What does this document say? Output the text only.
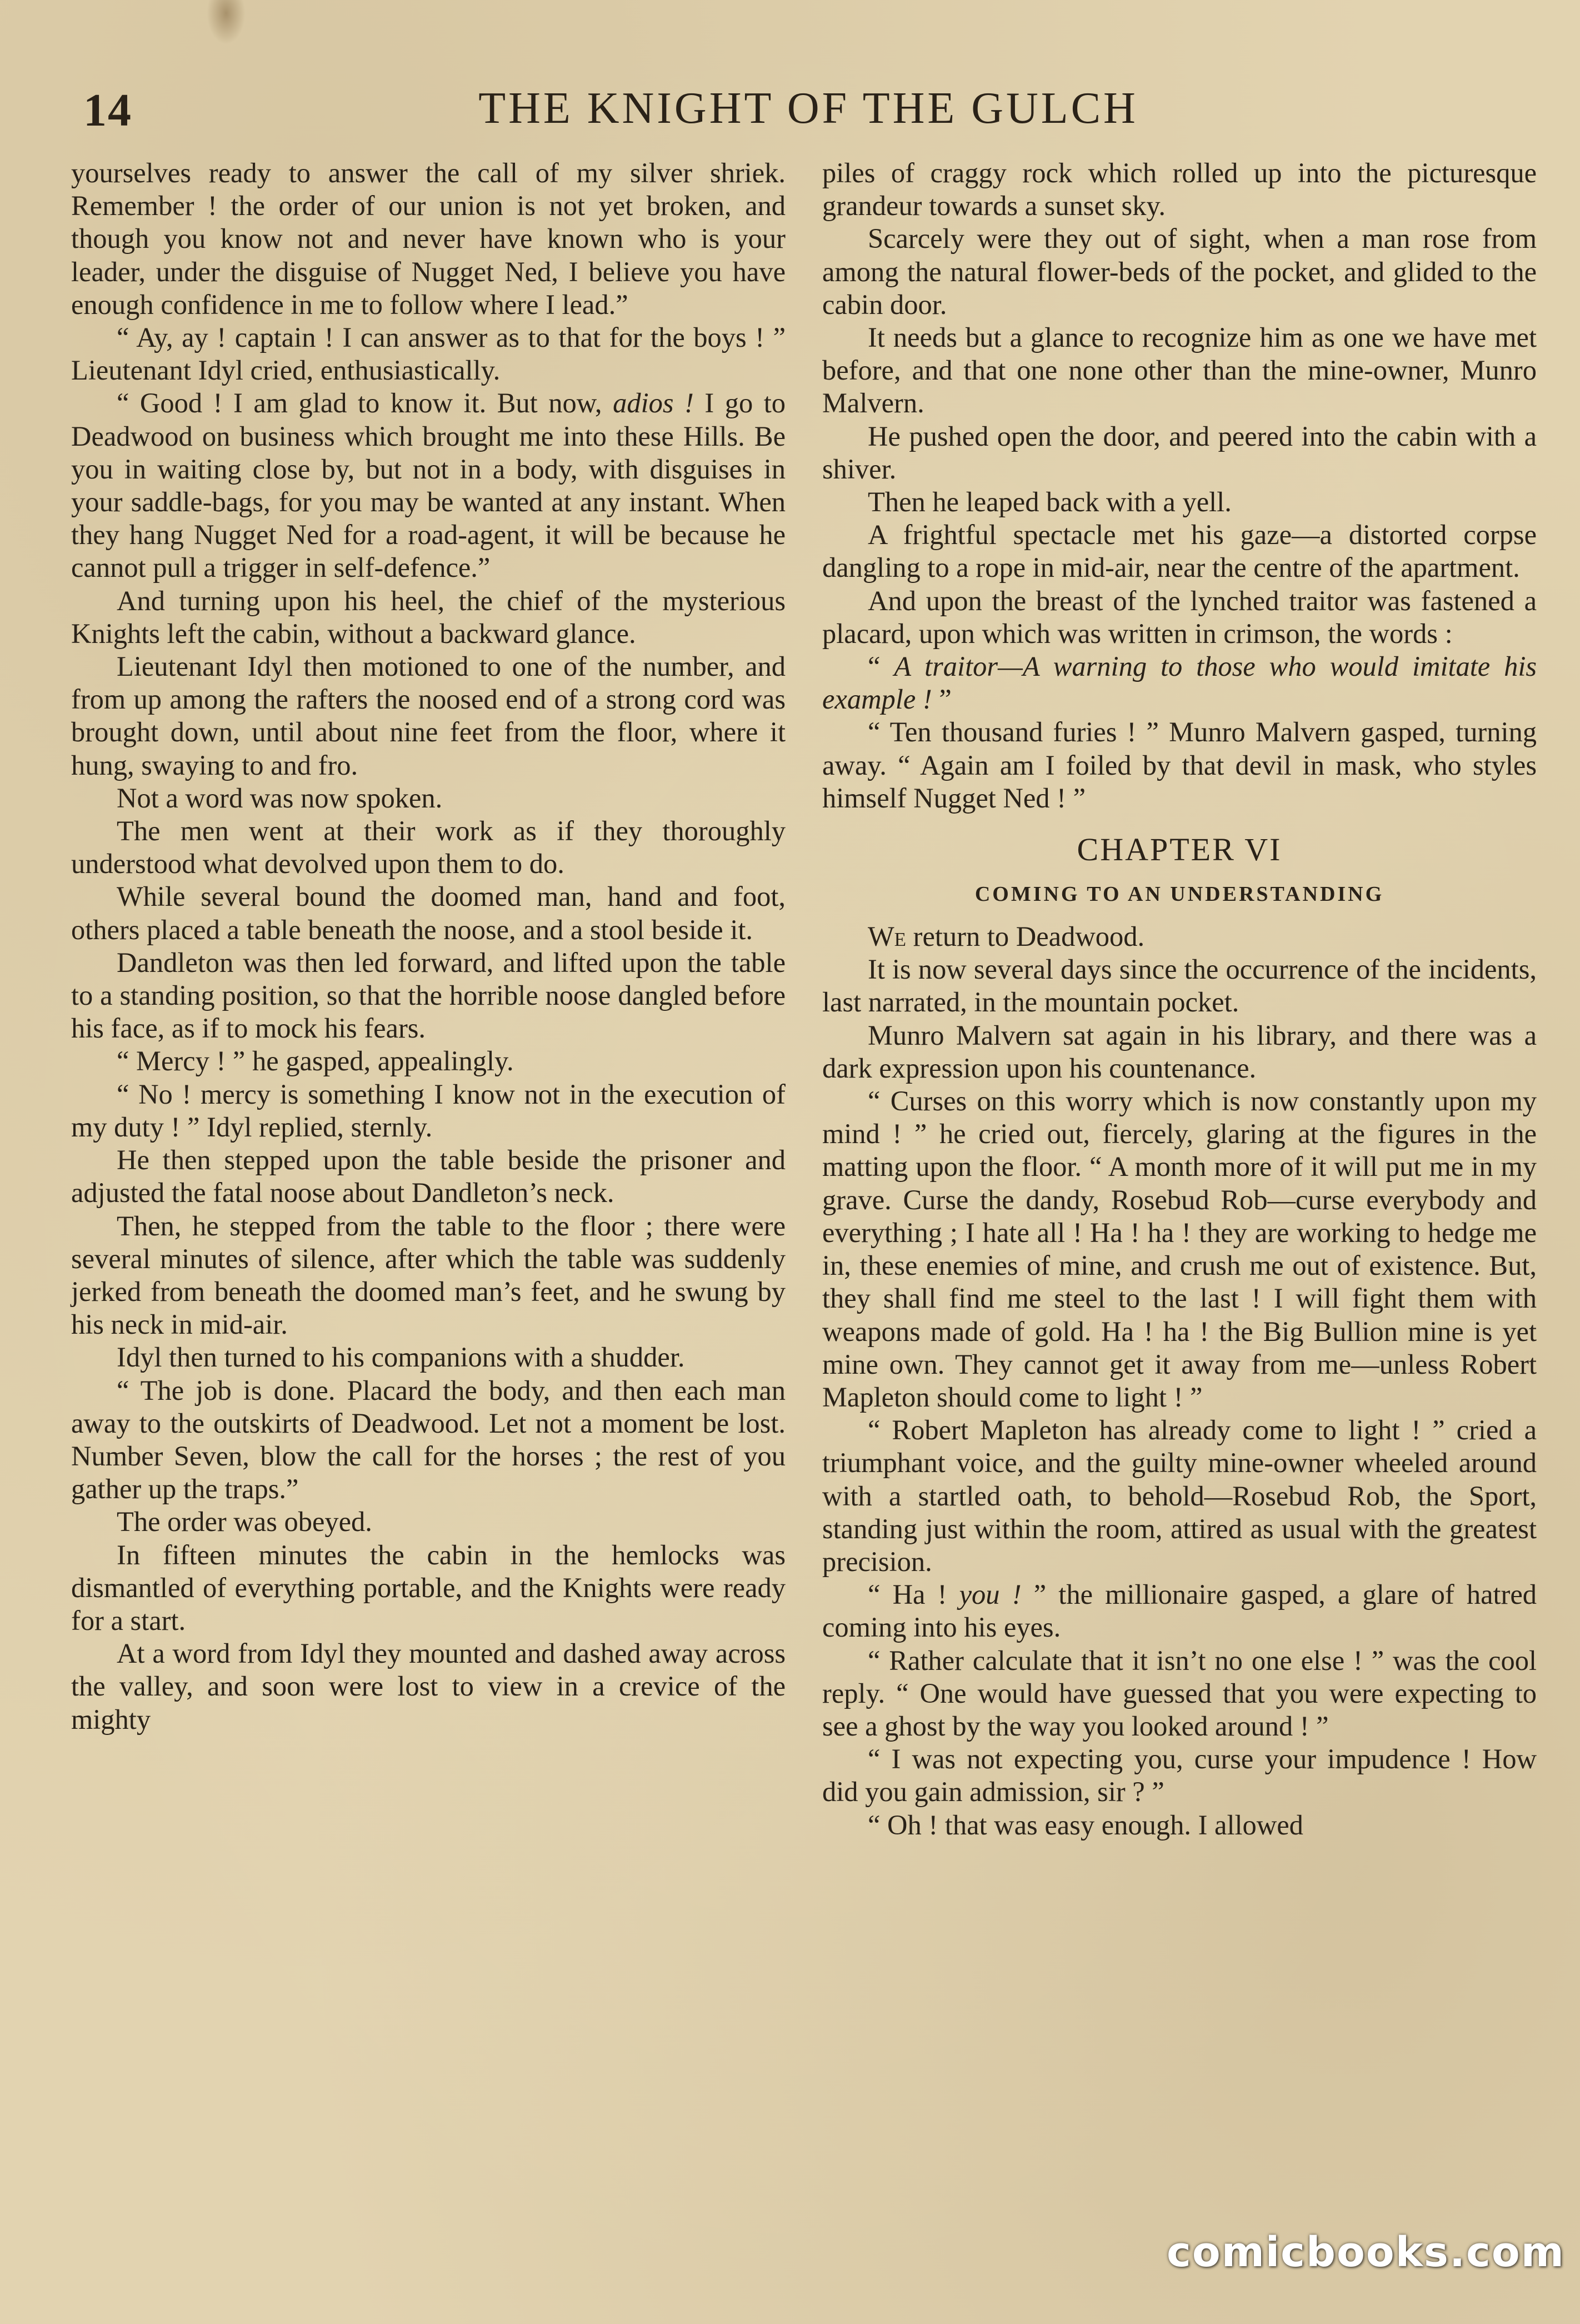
14	THE KNIGHT OF THE GULCH

yourselves ready to answer the call of my silver shriek. Remember ! the order of our union is not yet broken, and though you know not and never have known who is your leader, under the disguise of Nugget Ned, I believe you have enough confidence in me to follow where I lead.”

“ Ay, ay ! captain ! I can answer as to that for the boys ! ” Lieutenant Idyl cried, enthusiastically.

“ Good ! I am glad to know it. But now, adios ! I go to Deadwood on business which brought me into these Hills. Be you in waiting close by, but not in a body, with disguises in your saddle-bags, for you may be wanted at any instant. When they hang Nugget Ned for a road-agent, it will be because he cannot pull a trigger in self-defence.”

And turning upon his heel, the chief of the mysterious Knights left the cabin, without a backward glance.

Lieutenant Idyl then motioned to one of the number, and from up among the rafters the noosed end of a strong cord was brought down, until about nine feet from the floor, where it hung, swaying to and fro.

Not a word was now spoken.

The men went at their work as if they thoroughly understood what devolved upon them to do.

While several bound the doomed man, hand and foot, others placed a table beneath the noose, and a stool beside it.

Dandleton was then led forward, and lifted upon the table to a standing position, so that the horrible noose dangled before his face, as if to mock his fears.

“ Mercy ! ” he gasped, appealingly.

“ No ! mercy is something I know not in the execution of my duty ! ” Idyl replied, sternly.

He then stepped upon the table beside the prisoner and adjusted the fatal noose about Dandleton’s neck.

Then, he stepped from the table to the floor ; there were several minutes of silence, after which the table was suddenly jerked from beneath the doomed man’s feet, and he swung by his neck in mid-air.

Idyl then turned to his companions with a shudder.

“ The job is done. Placard the body, and then each man away to the outskirts of Deadwood. Let not a moment be lost. Number Seven, blow the call for the horses ; the rest of you gather up the traps.”

The order was obeyed.

In fifteen minutes the cabin in the hemlocks was dismantled of everything portable, and the Knights were ready for a start.

At a word from Idyl they mounted and dashed away across the valley, and soon were lost to view in a crevice of the mighty

piles of craggy rock which rolled up into the picturesque grandeur towards a sunset sky.

Scarcely were they out of sight, when a man rose from among the natural flower-beds of the pocket, and glided to the cabin door.

It needs but a glance to recognize him as one we have met before, and that one none other than the mine-owner, Munro Malvern.

He pushed open the door, and peered into the cabin with a shiver.

Then he leaped back with a yell.

A frightful spectacle met his gaze—a distorted corpse dangling to a rope in mid-air, near the centre of the apartment.

And upon the breast of the lynched traitor was fastened a placard, upon which was written in crimson, the words :

“ A traitor—A warning to those who would imitate his example ! ”

“ Ten thousand furies ! ” Munro Malvern gasped, turning away. “ Again am I foiled by that devil in mask, who styles himself Nugget Ned ! ”

CHAPTER VI
COMING TO AN UNDERSTANDING

We return to Deadwood.

It is now several days since the occurrence of the incidents, last narrated, in the mountain pocket.

Munro Malvern sat again in his library, and there was a dark expression upon his countenance.

“ Curses on this worry which is now constantly upon my mind ! ” he cried out, fiercely, glaring at the figures in the matting upon the floor. “ A month more of it will put me in my grave. Curse the dandy, Rosebud Rob—curse everybody and everything ; I hate all ! Ha ! ha ! they are working to hedge me in, these enemies of mine, and crush me out of existence. But, they shall find me steel to the last ! I will fight them with weapons made of gold. Ha ! ha ! the Big Bullion mine is yet mine own. They cannot get it away from me—unless Robert Mapleton should come to light ! ”

“ Robert Mapleton has already come to light ! ” cried a triumphant voice, and the guilty mine-owner wheeled around with a startled oath, to behold—Rosebud Rob, the Sport, standing just within the room, attired as usual with the greatest precision.

“ Ha ! you ! ” the millionaire gasped, a glare of hatred coming into his eyes.

“ Rather calculate that it isn’t no one else ! ” was the cool reply. “ One would have guessed that you were expecting to see a ghost by the way you looked around ! ”

“ I was not expecting you, curse your impudence ! How did you gain admission, sir ? ”

“ Oh ! that was easy enough. I allowed

comicbooks.com
